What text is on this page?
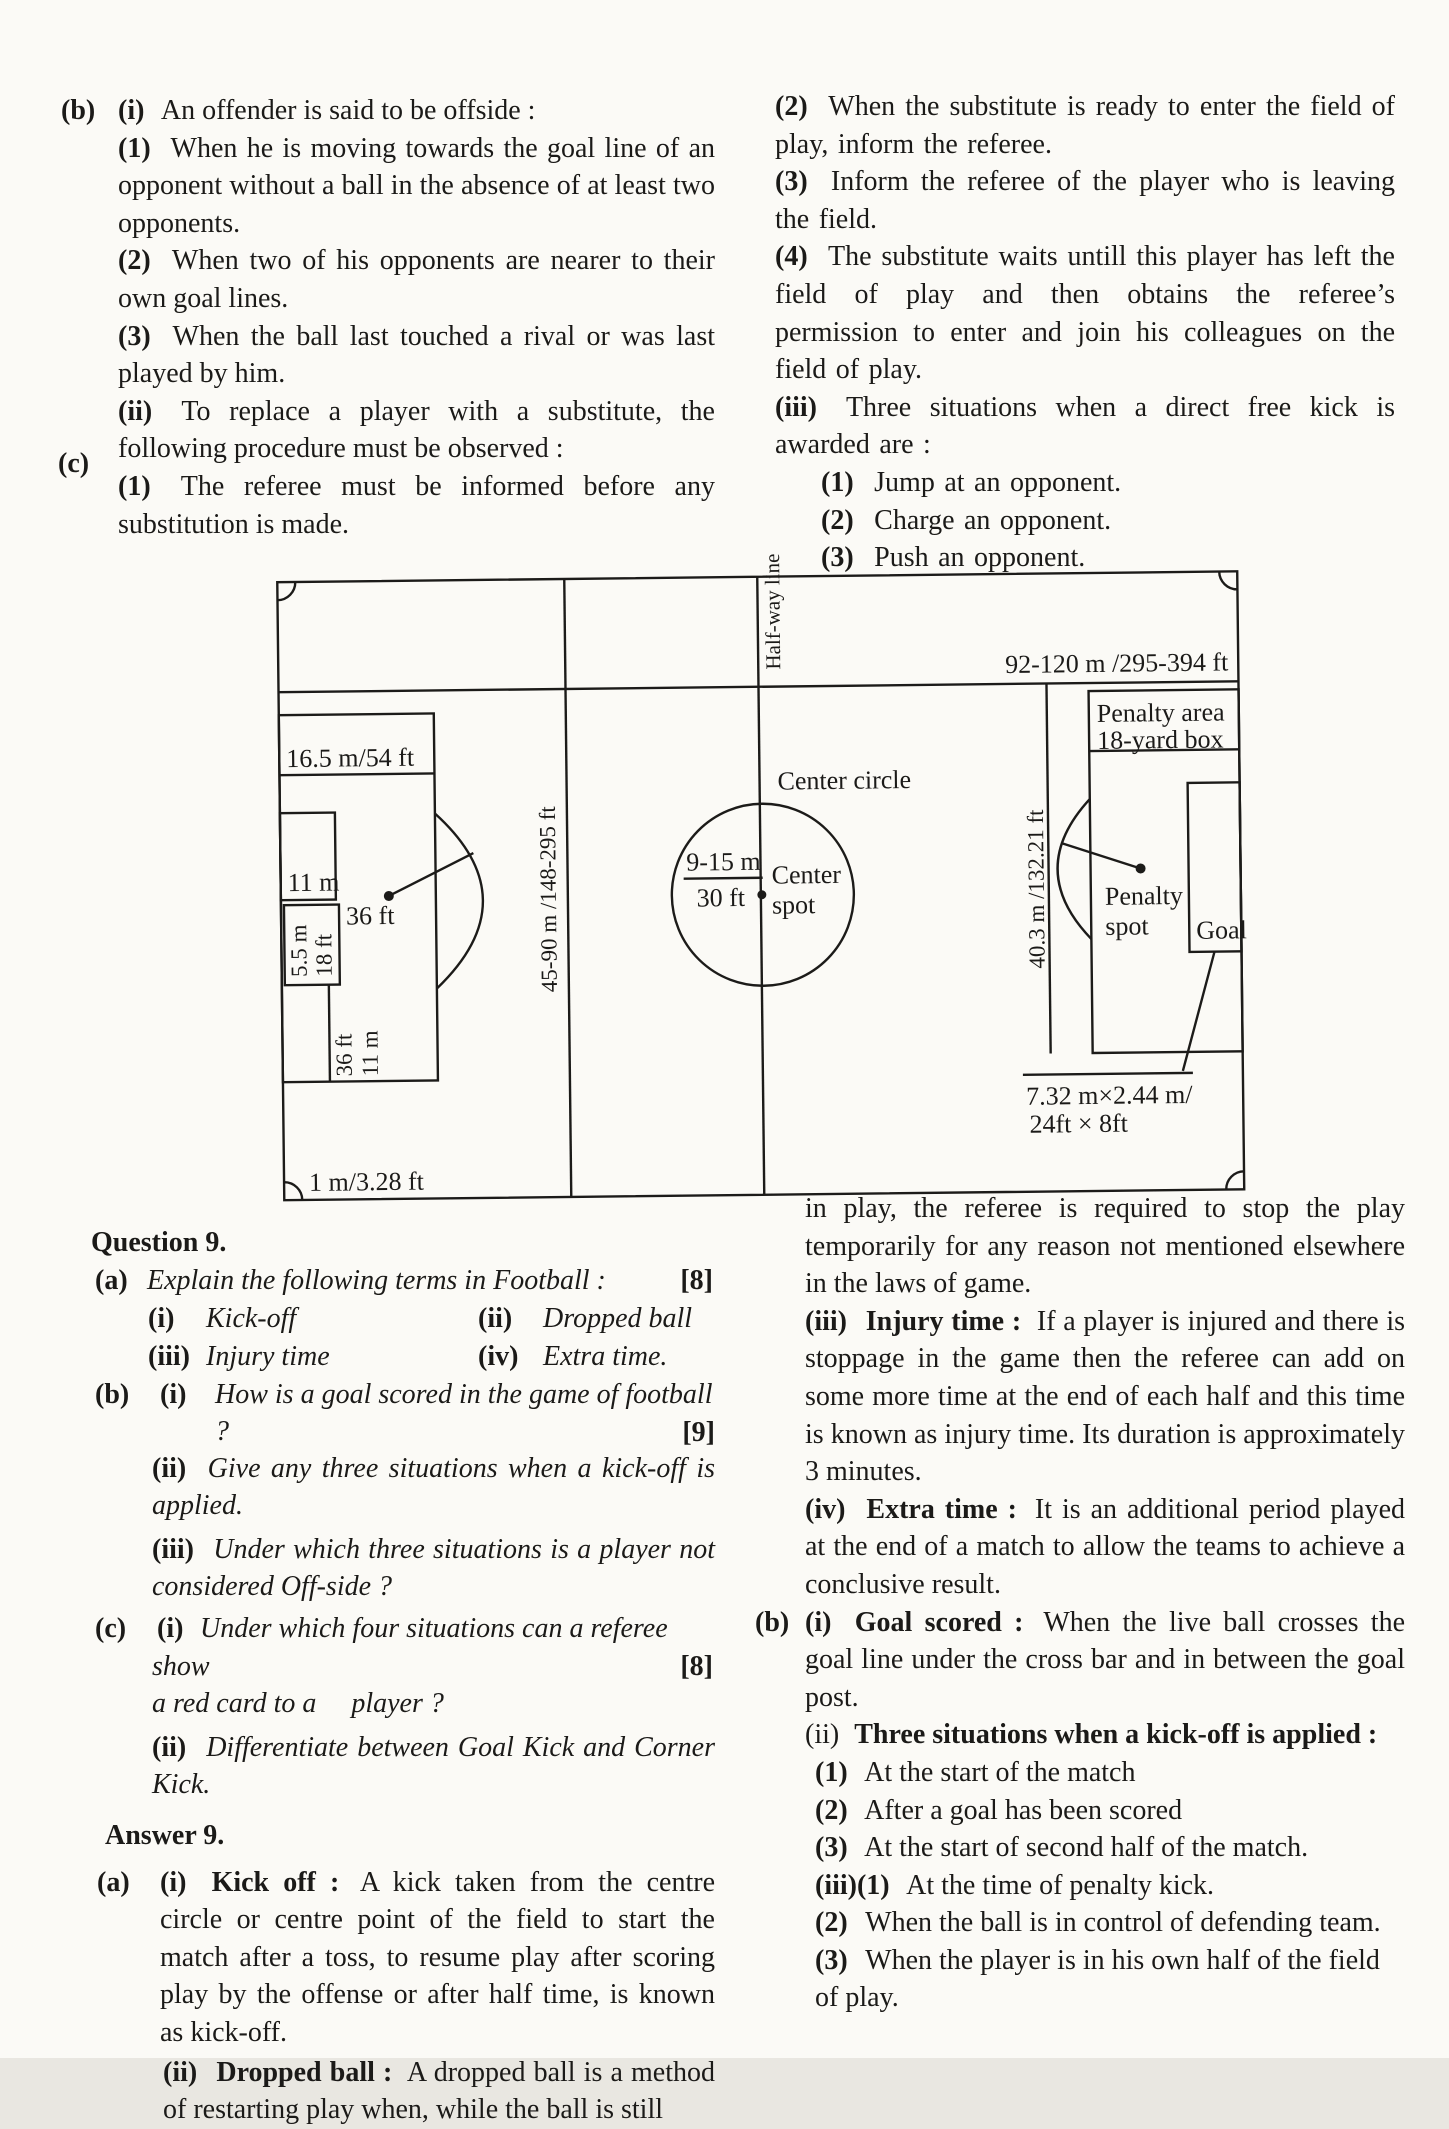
(b) (i) An offender is said to be offside :

(1) When he is moving towards the goal line of an opponent without a ball in the absence of at least two opponents.

(2) When two of his opponents are nearer to their own goal lines.

(3) When the ball last touched a rival or was last played by him.

(ii) To replace a player with a substitute, the following procedure must be observed :

(1) The referee must be informed before any substitution is made.

(2) When the substitute is ready to enter the field of play, inform the referee.

(3) Inform the referee of the player who is leaving the field.

(4) The substitute waits untill this player has left the field of play and then obtains the referee’s permission to enter and join his colleagues on the field of play.

(iii) Three situations when a direct free kick is awarded are :

(1) Jump at an opponent.

(2) Charge an opponent.

(3) Push an opponent.

(c)
92-120 m /295-394 ft
Half-way line
45-90 m /148-295 ft
Center circle
9-15 m
30 ft
Center
spot
16.5 m/54 ft
11 m
36 ft
5.5 m 18 ft
36 ft 11 m
1 m/3.28 ft
Penalty area
18-yard box
40.3 m /132.21 ft Penalty
spot Goal
7.32 m×2.44 m/
24ft × 8ft

Question 9.

(a) Explain the following terms in Football :	[8]
(i) Kick-off	(ii) Dropped ball
(iii) Injury time	(iv) Extra time.
(b) (i) How is a goal scored in the game of football ?	[9]

(ii) Give any three situations when a kick-off is applied.

(iii) Under which three situations is a player not considered Off-side ?

(c) (i) Under which four situations can a referee show
a red card to a     player ?
[8]

(ii) Differentiate between Goal Kick and Corner Kick.

Answer 9.

(a) (i) Kick off : A kick taken from the centre circle or centre point of the field to start the match after a toss, to resume play after scoring play by the offense or after half time, is known as kick-off.

(ii) Dropped ball : A dropped ball is a method of restarting play when, while the ball is still

in play, the referee is required to stop the play temporarily for any reason not mentioned elsewhere in the laws of game.

(iii) Injury time : If a player is injured and there is stoppage in the game then the referee can add on some more time at the end of each half and this time is known as injury time. Its duration is approximately 3 minutes.

(iv) Extra time : It is an additional period played at the end of a match to allow the teams to achieve a conclusive result.

(b) (i) Goal scored : When the live ball crosses the goal line under the cross bar and in between the goal post.

(ii) Three situations when a kick-off is applied :

(1) At the start of the match

(2) After a goal has been scored

(3) At the start of second half of the match.

(iii)(1) At the time of penalty kick.

(2) When the ball is in control of defending team.

(3) When the player is in his own half of the field of play.
